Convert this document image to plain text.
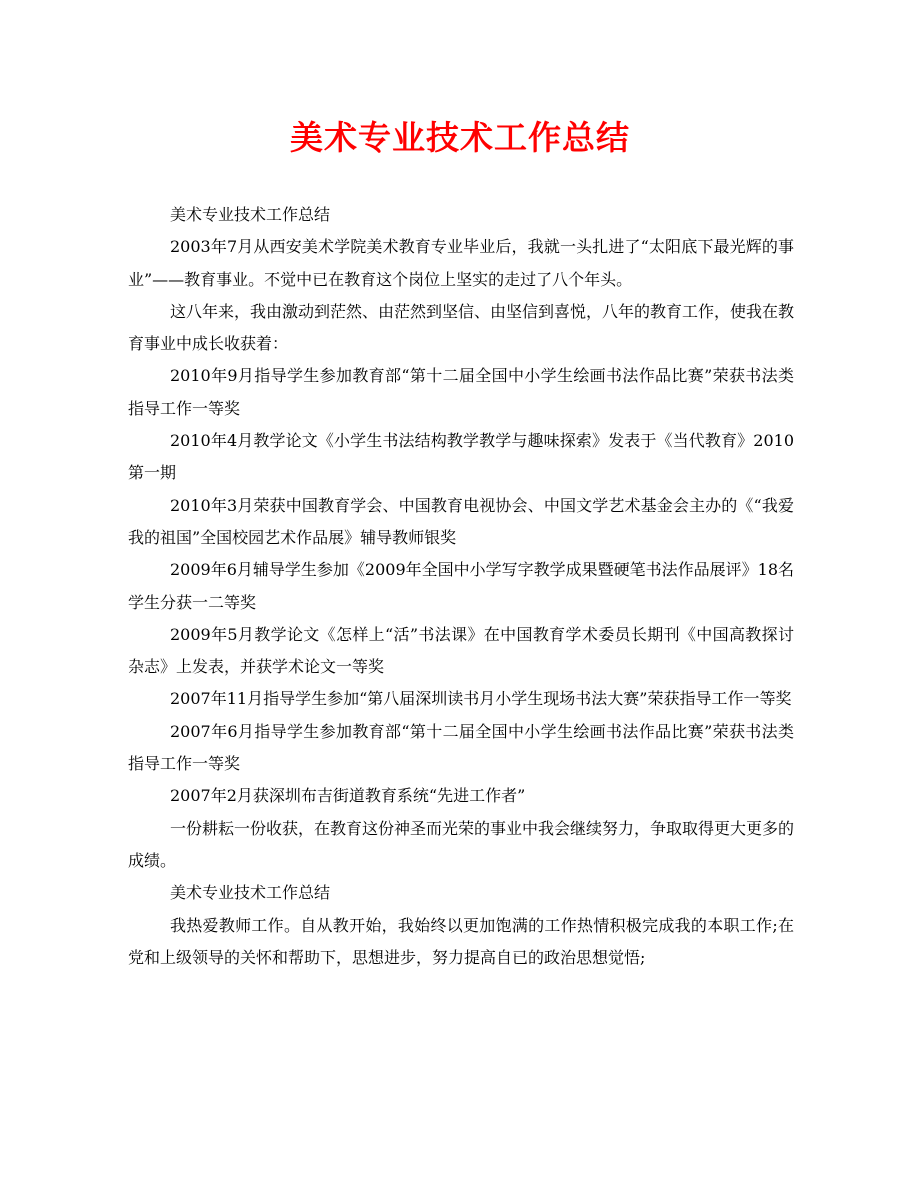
美术专业技术工作总结

美术专业技术工作总结

2003年7月从西安美术学院美术教育专业毕业后，我就一头扎进了“太阳底下最光辉的事业”——教育事业。不觉中已在教育这个岗位上坚实的走过了八个年头。

这八年来，我由激动到茫然、由茫然到坚信、由坚信到喜悦，八年的教育工作，使我在教育事业中成长收获着：

2010年9月指导学生参加教育部“第十二届全国中小学生绘画书法作品比赛”荣获书法类指导工作一等奖

2010年4月教学论文《小学生书法结构教学教学与趣味探索》发表于《当代教育》2010第一期

2010年3月荣获中国教育学会、中国教育电视协会、中国文学艺术基金会主办的《“我爱我的祖国”全国校园艺术作品展》辅导教师银奖

2009年6月辅导学生参加《2009年全国中小学写字教学成果暨硬笔书法作品展评》18名学生分获一二等奖

2009年5月教学论文《怎样上“活”书法课》在中国教育学术委员长期刊《中国高教探讨杂志》上发表，并获学术论文一等奖

2007年11月指导学生参加“第八届深圳读书月小学生现场书法大赛”荣获指导工作一等奖

2007年6月指导学生参加教育部“第十二届全国中小学生绘画书法作品比赛”荣获书法类指导工作一等奖

2007年2月获深圳布吉街道教育系统“先进工作者”

一份耕耘一份收获，在教育这份神圣而光荣的事业中我会继续努力，争取取得更大更多的成绩。

美术专业技术工作总结

我热爱教师工作。自从教开始，我始终以更加饱满的工作热情积极完成我的本职工作;在党和上级领导的关怀和帮助下，思想进步，努力提高自已的政治思想觉悟;
